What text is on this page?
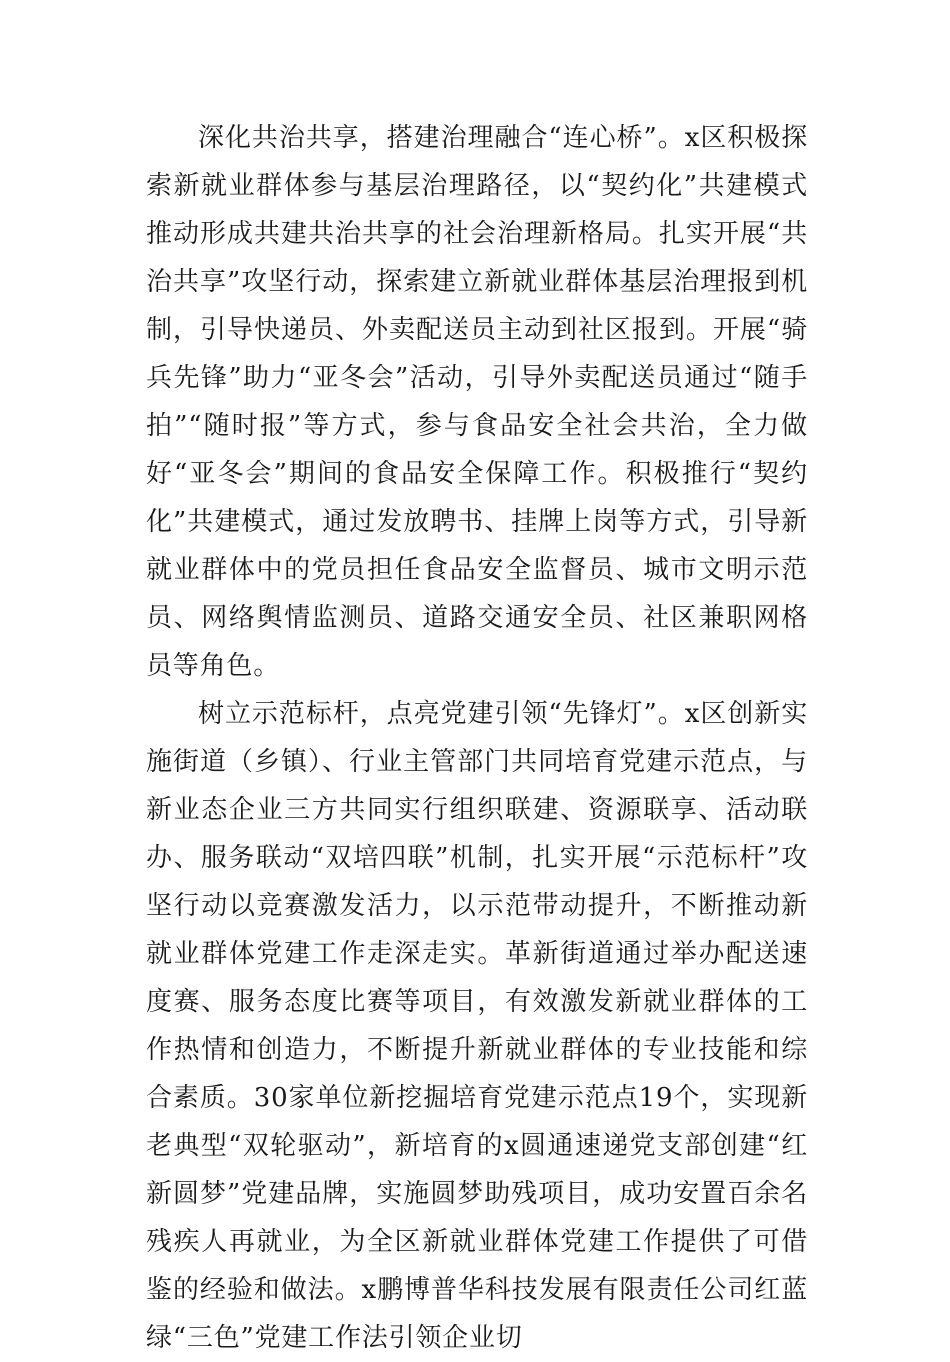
深化共治共享，搭建治理融合“连心桥”。x区积极探索新就业群体参与基层治理路径，以“契约化”共建模式推动形成共建共治共享的社会治理新格局。扎实开展“共治共享”攻坚行动，探索建立新就业群体基层治理报到机制，引导快递员、外卖配送员主动到社区报到。开展“骑兵先锋”助力“亚冬会”活动，引导外卖配送员通过“随手拍”“随时报”等方式，参与食品安全社会共治，全力做好“亚冬会”期间的食品安全保障工作。积极推行“契约化”共建模式，通过发放聘书、挂牌上岗等方式，引导新就业群体中的党员担任食品安全监督员、城市文明示范员、网络舆情监测员、道路交通安全员、社区兼职网格员等角色。

树立示范标杆，点亮党建引领“先锋灯”。x区创新实施街道（乡镇）、行业主管部门共同培育党建示范点，与新业态企业三方共同实行组织联建、资源联享、活动联办、服务联动“双培四联”机制，扎实开展“示范标杆”攻坚行动以竞赛激发活力，以示范带动提升，不断推动新就业群体党建工作走深走实。革新街道通过举办配送速度赛、服务态度比赛等项目，有效激发新就业群体的工作热情和创造力，不断提升新就业群体的专业技能和综合素质。30家单位新挖掘培育党建示范点19个，实现新老典型“双轮驱动”，新培育的x圆通速递党支部创建“红新圆梦”党建品牌，实施圆梦助残项目，成功安置百余名残疾人再就业，为全区新就业群体党建工作提供了可借鉴的经验和做法。x鹏博普华科技发展有限责任公司红蓝绿“三色”党建工作法引领企业切
